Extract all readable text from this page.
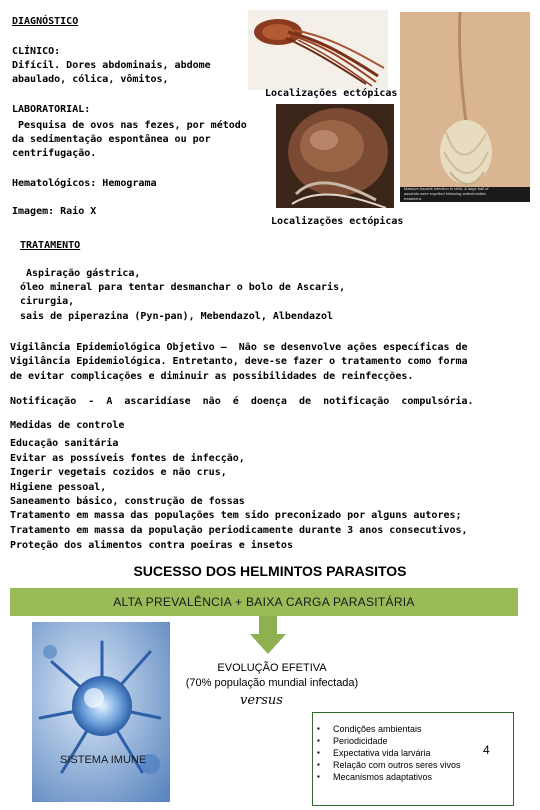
DIAGNÓSTICO
CLÍNICO:
Difícil. Dores abdominais, abdome
abaulado, cólica, vômitos,
LABORATORIAL:
Pesquisa de ovos nas fezes, por método
da sedimentação espontânea ou por
centrifugação.
Hematológicos: Hemograma
Imagem: Raio X
Massive Ascaris infection in child. A large ball of
ascarids were expelled following anthelminthic
treatment.
Localizações ectópicas
Localizações ectópicas
TRATAMENTO
Aspiração gástrica,
óleo mineral para tentar desmanchar o bolo de Ascaris,
cirurgia,
sais de piperazina (Pyn-pan), Mebendazol, Albendazol
Vigilância Epidemiológica Objetivo –  Não se desenvolve ações específicas de
Vigilância Epidemiológica. Entretanto, deve-se fazer o tratamento como forma
de evitar complicações e diminuir as possibilidades de reinfecções.
Notificação  -  A  ascaridíase  não  é  doença  de  notificação  compulsória.
Medidas de controle
Educação sanitária
Evitar as possíveis fontes de infecção,
Ingerir vegetais cozidos e não crus,
Higiene pessoal,
Saneamento básico, construção de fossas
Tratamento em massa das populações tem sido preconizado por alguns autores;
Tratamento em massa da população periodicamente durante 3 anos consecutivos,
Proteção dos alimentos contra poeiras e insetos
SUCESSO DOS HELMINTOS PARASITOS
ALTA PREVALÊNCIA + BAIXA CARGA PARASITÁRIA
SISTEMA IMUNE
EVOLUÇÃO EFETIVA
(70% população mundial infectada)
versus
▪ Condições ambientais
▪ Periodicidade
▪ Expectativa vida larvária
▪ Relação com outros seres vivos
▪ Mecanismos adaptativos
4
